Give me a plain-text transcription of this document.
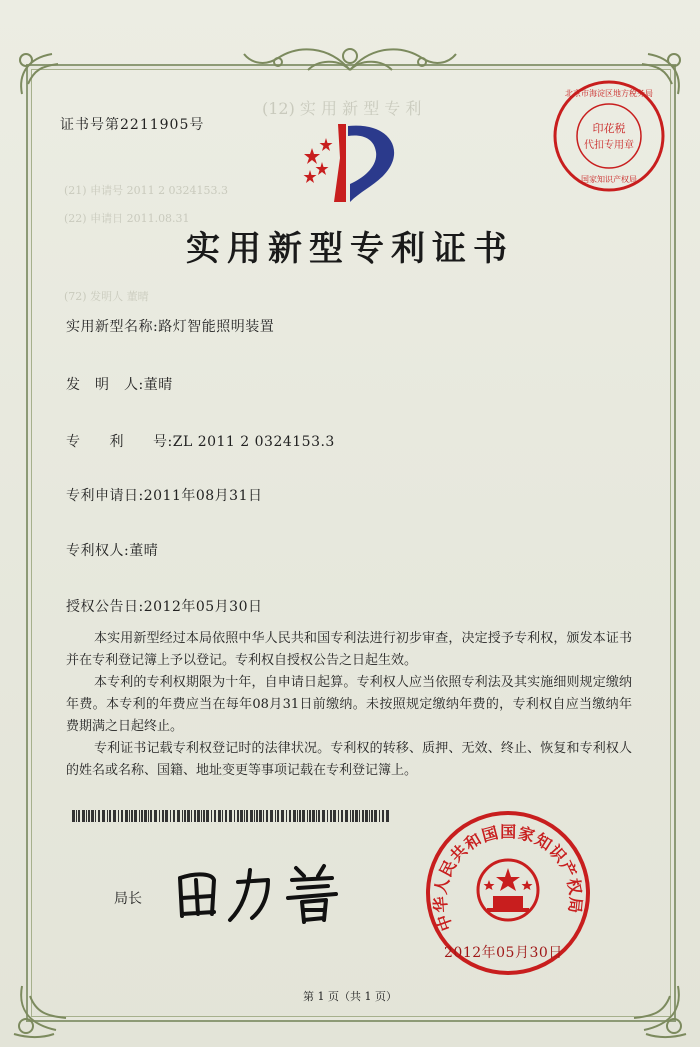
(12) 实 用 新 型 专 利
(21) 申请号 2011 2 0324153.3
(22) 申请日 2011.08.31
(72) 发明人 董晴
证书号第2211905号	印花税
代扣专用章
北京市海淀区地方税务局
国家知识产权局
实用新型专利证书
实用新型名称:路灯智能照明装置
发　明　人:董晴
专　　利　　号:ZL 2011 2 0324153.3
专利申请日:2011年08月31日
专利权人:董晴
授权公告日:2012年05月30日

本实用新型经过本局依照中华人民共和国专利法进行初步审查，决定授予专利权，颁发本证书并在专利登记簿上予以登记。专利权自授权公告之日起生效。

本专利的专利权期限为十年，自申请日起算。专利权人应当依照专利法及其实施细则规定缴纳年费。本专利的年费应当在每年08月31日前缴纳。未按照规定缴纳年费的，专利权自应当缴纳年费期满之日起终止。

专利证书记载专利权登记时的法律状况。专利权的转移、质押、无效、终止、恢复和专利权人的姓名或名称、国籍、地址变更等事项记载在专利登记簿上。

局长
中华人民共和国国家知识产权局
2012年05月30日
第 1 页（共 1 页）
